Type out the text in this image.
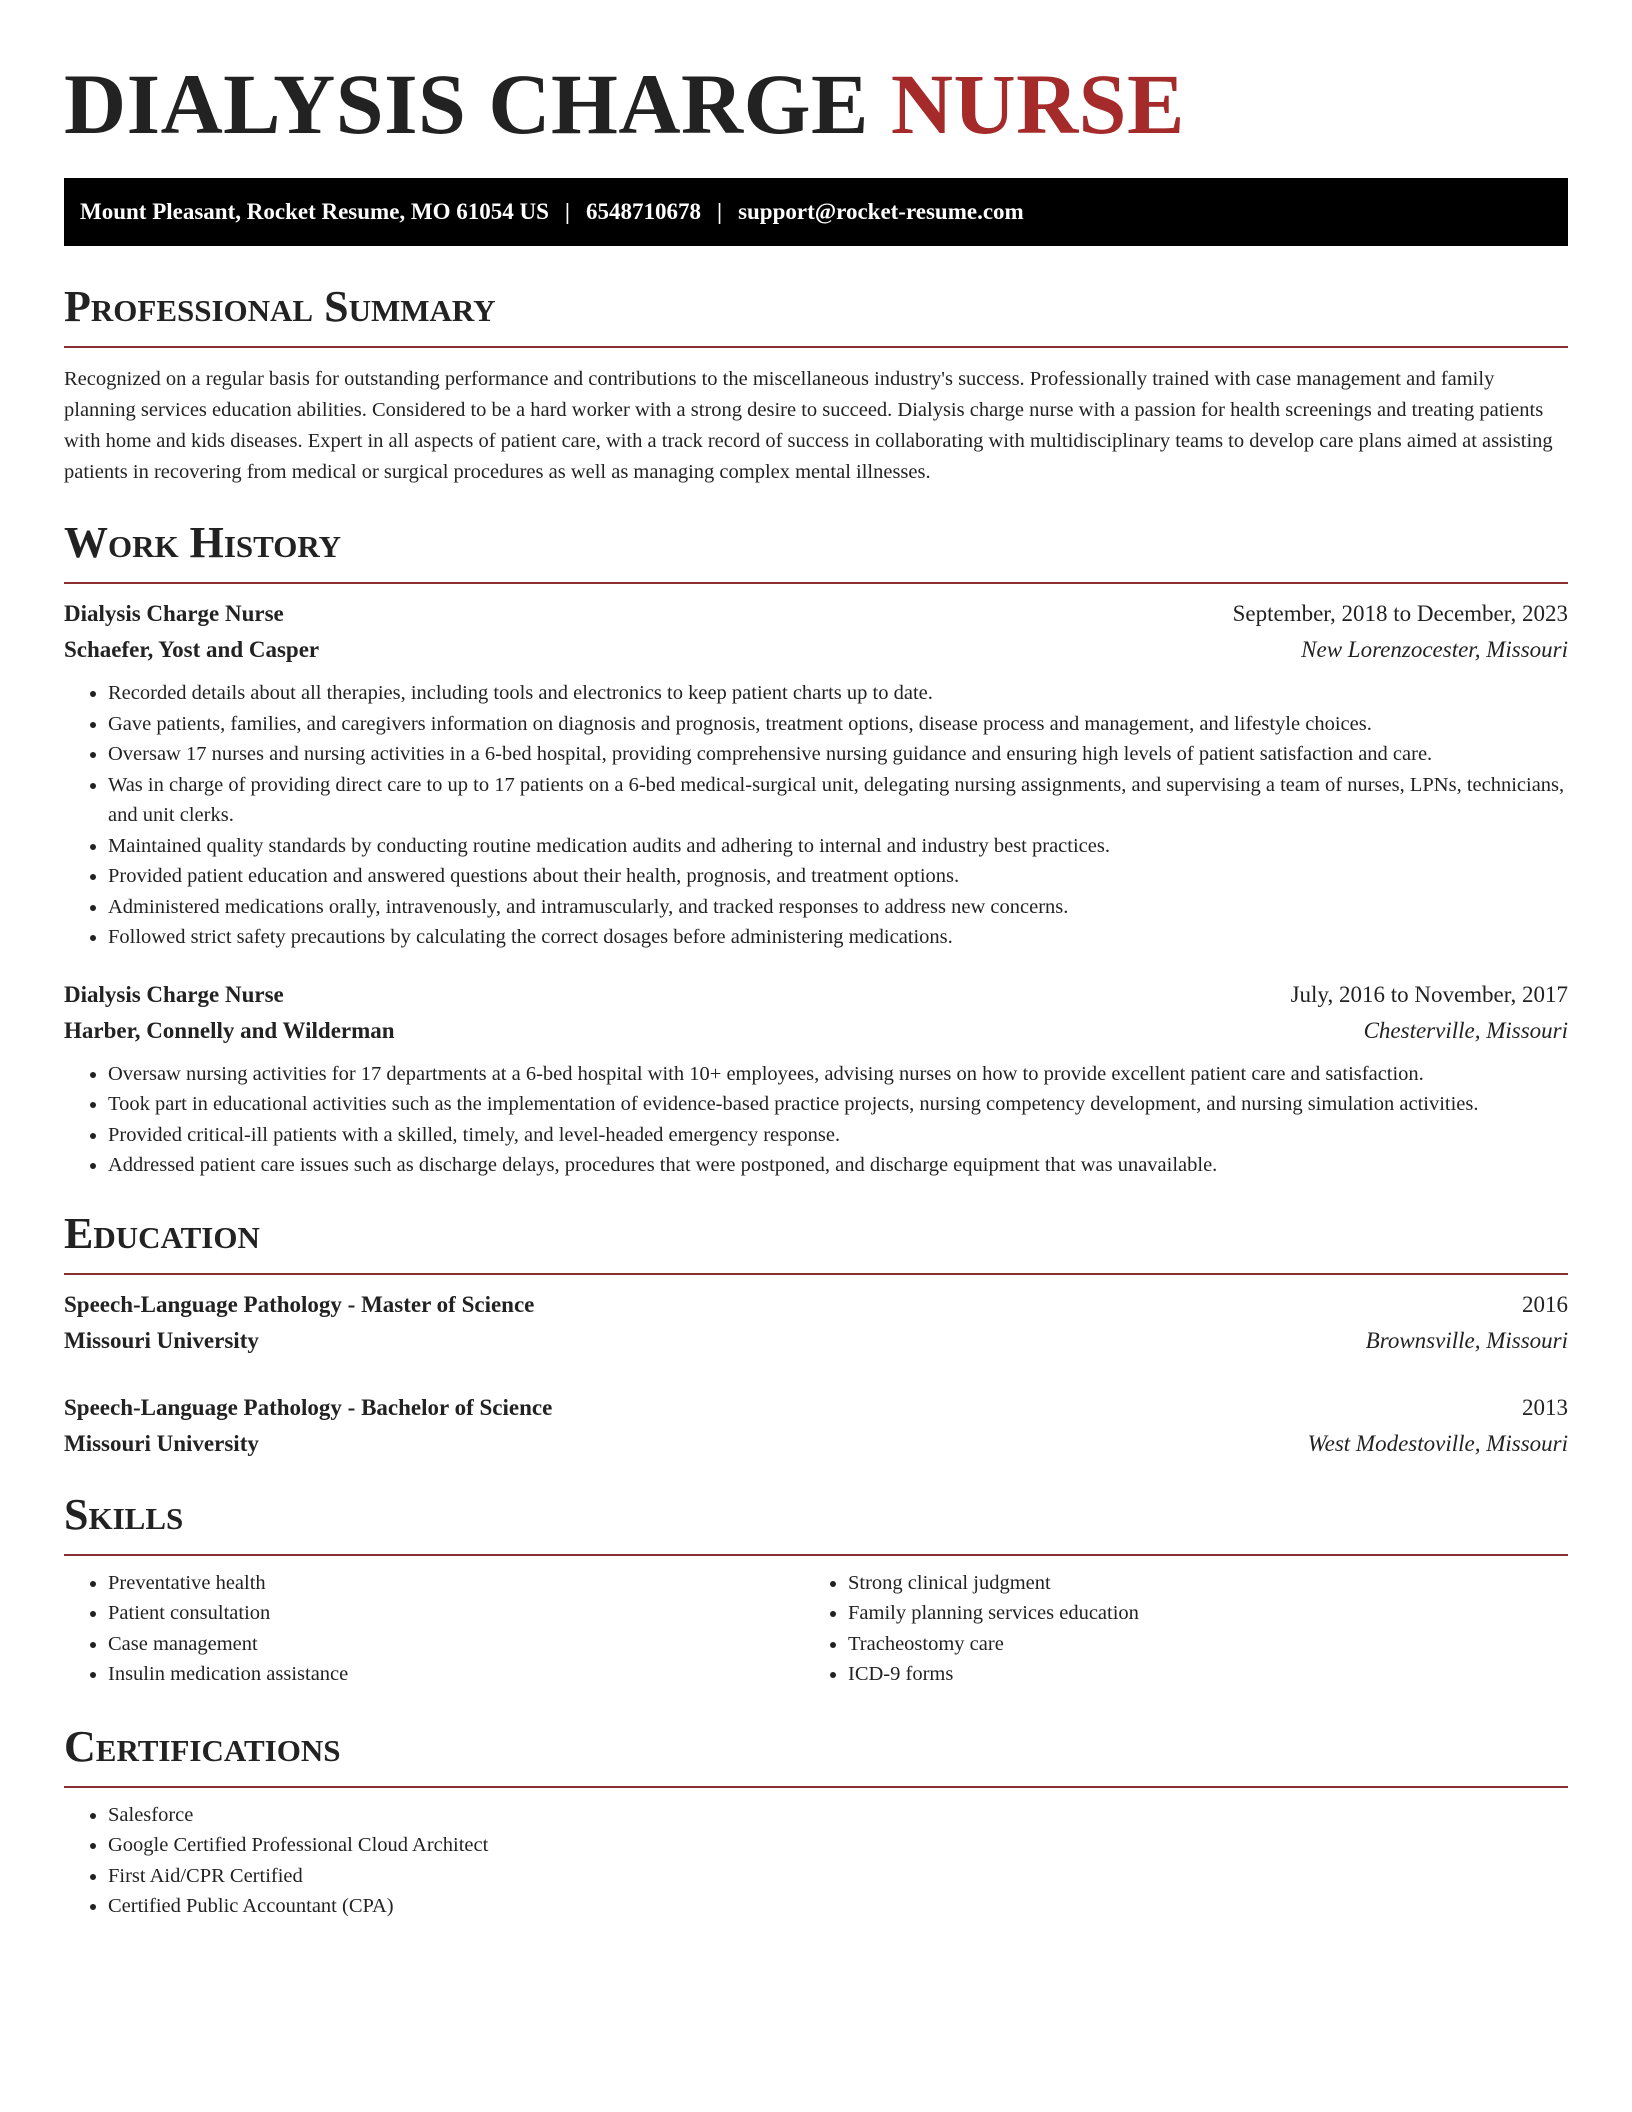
DIALYSIS CHARGE NURSE
Mount Pleasant, Rocket Resume, MO 61054 US | 6548710678 | support@rocket-resume.com
Professional Summary

Recognized on a regular basis for outstanding performance and contributions to the miscellaneous industry's success. Professionally trained with case management and family planning services education abilities. Considered to be a hard worker with a strong desire to succeed. Dialysis charge nurse with a passion for health screenings and treating patients with home and kids diseases. Expert in all aspects of patient care, with a track record of success in collaborating with multidisciplinary teams to develop care plans aimed at assisting patients in recovering from medical or surgical procedures as well as managing complex mental illnesses.

Work History
Dialysis Charge Nurse	September, 2018 to December, 2023
Schaefer, Yost and Casper	New Lorenzocester, Missouri
• Recorded details about all therapies, including tools and electronics to keep patient charts up to date.
• Gave patients, families, and caregivers information on diagnosis and prognosis, treatment options, disease process and management, and lifestyle choices.
• Oversaw 17 nurses and nursing activities in a 6-bed hospital, providing comprehensive nursing guidance and ensuring high levels of patient satisfaction and care.
• Was in charge of providing direct care to up to 17 patients on a 6-bed medical-surgical unit, delegating nursing assignments, and supervising a team of nurses, LPNs, technicians, and unit clerks.
• Maintained quality standards by conducting routine medication audits and adhering to internal and industry best practices.
• Provided patient education and answered questions about their health, prognosis, and treatment options.
• Administered medications orally, intravenously, and intramuscularly, and tracked responses to address new concerns.
• Followed strict safety precautions by calculating the correct dosages before administering medications.
Dialysis Charge Nurse	July, 2016 to November, 2017
Harber, Connelly and Wilderman	Chesterville, Missouri
• Oversaw nursing activities for 17 departments at a 6-bed hospital with 10+ employees, advising nurses on how to provide excellent patient care and satisfaction.
• Took part in educational activities such as the implementation of evidence-based practice projects, nursing competency development, and nursing simulation activities.
• Provided critical-ill patients with a skilled, timely, and level-headed emergency response.
• Addressed patient care issues such as discharge delays, procedures that were postponed, and discharge equipment that was unavailable.
Education
Speech-Language Pathology - Master of Science	2016
Missouri University	Brownsville, Missouri
Speech-Language Pathology - Bachelor of Science	2013
Missouri University	West Modestoville, Missouri
Skills
• Preventative health
• Patient consultation
• Case management
• Insulin medication assistance
• Strong clinical judgment
• Family planning services education
• Tracheostomy care
• ICD-9 forms
Certifications
• Salesforce
• Google Certified Professional Cloud Architect
• First Aid/CPR Certified
• Certified Public Accountant (CPA)
